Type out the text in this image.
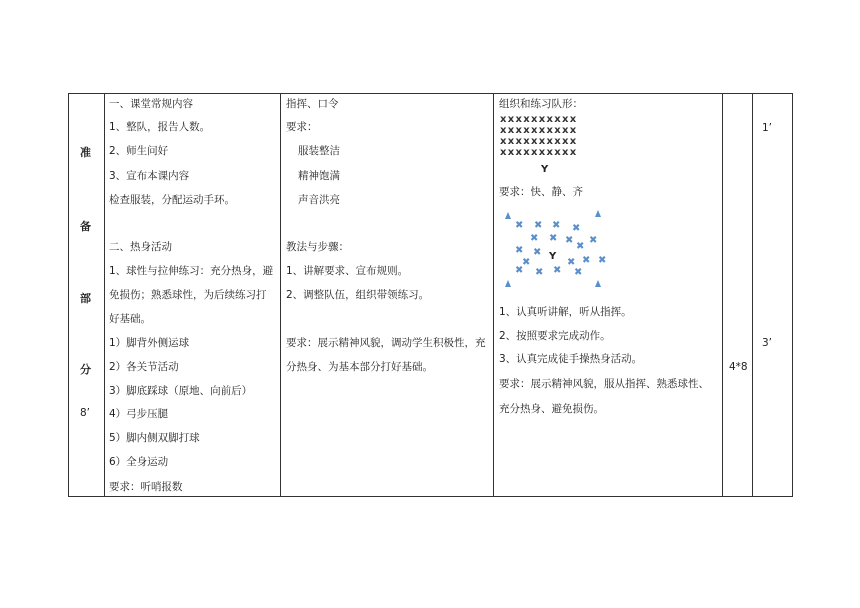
准
备
部
分
8’
一、课堂常规内容
1、整队，报告人数。
2、师生问好
3、宣布本课内容
检查服装，分配运动手环。
二、热身活动
1、球性与拉伸练习：充分热身，避
免损伤；熟悉球性，为后续练习打
好基础。
1）脚背外侧运球
2）各关节活动
3）脚底踩球（原地、向前后）
4）弓步压腿
5）脚内侧双脚打球
6）全身运动
要求：听哨报数
指挥、口令
要求：
服装整洁
精神饱满
声音洪亮
教法与步骤：
1、讲解要求、宣布规则。
2、调整队伍，组织带领练习。
要求：展示精神风貌，调动学生积极性，充
分热身、为基本部分打好基础。
组织和练习队形：
xxxxxxxxxx
xxxxxxxxxx
xxxxxxxxxx
xxxxxxxxxx
Y
要求：快、静、齐
✖ ✖ ✖ ✖
✖ ✖ ✖ ✖
✖ ✖
✖
✖	✖ ✖ ✖
✖ ✖ ✖ ✖
Y
1、认真听讲解，听从指挥。
2、按照要求完成动作。
3、认真完成徒手操热身活动。
要求：展示精神风貌，服从指挥、熟悉球性、
充分热身、避免损伤。
4*8
1’
3’
